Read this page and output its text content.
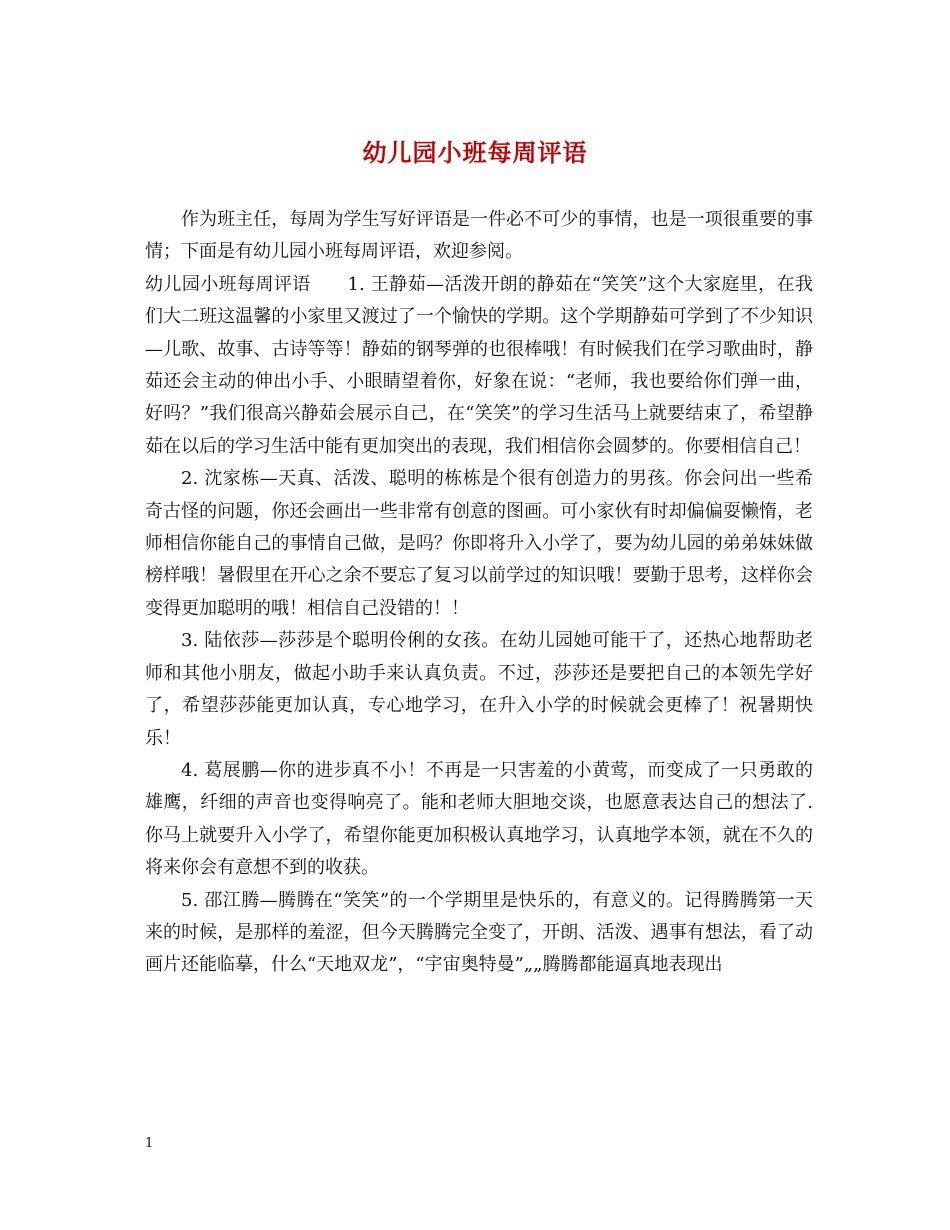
幼儿园小班每周评语

作为班主任，每周为学生写好评语是一件必不可少的事情，也是一项很重要的事情；下面是有幼儿园小班每周评语，欢迎参阅。

幼儿园小班每周评语　　1. 王静茹—活泼开朗的静茹在“笑笑”这个大家庭里，在我们大二班这温馨的小家里又渡过了一个愉快的学期。这个学期静茹可学到了不少知识—儿歌、故事、古诗等等！静茹的钢琴弹的也很棒哦！有时候我们在学习歌曲时，静茹还会主动的伸出小手、小眼睛望着你，好象在说：“老师，我也要给你们弹一曲，好吗？”我们很高兴静茹会展示自己，在“笑笑”的学习生活马上就要结束了，希望静茹在以后的学习生活中能有更加突出的表现，我们相信你会圆梦的。你要相信自己！

2. 沈家栋—天真、活泼、聪明的栋栋是个很有创造力的男孩。你会问出一些希奇古怪的问题，你还会画出一些非常有创意的图画。可小家伙有时却偏偏耍懒惰，老师相信你能自己的事情自己做，是吗？你即将升入小学了，要为幼儿园的弟弟妹妹做榜样哦！暑假里在开心之余不要忘了复习以前学过的知识哦！要勤于思考，这样你会变得更加聪明的哦！相信自己没错的！！

3. 陆依莎—莎莎是个聪明伶俐的女孩。在幼儿园她可能干了，还热心地帮助老师和其他小朋友，做起小助手来认真负责。不过，莎莎还是要把自己的本领先学好了，希望莎莎能更加认真，专心地学习，在升入小学的时候就会更棒了！祝暑期快乐！

4. 葛展鹏—你的进步真不小！不再是一只害羞的小黄莺，而变成了一只勇敢的雄鹰，纤细的声音也变得响亮了。能和老师大胆地交谈，也愿意表达自己的想法了.你马上就要升入小学了，希望你能更加积极认真地学习，认真地学本领，就在不久的将来你会有意想不到的收获。

5. 邵江腾—腾腾在“笑笑”的一个学期里是快乐的，有意义的。记得腾腾第一天来的时候，是那样的羞涩，但今天腾腾完全变了，开朗、活泼、遇事有想法，看了动画片还能临摹，什么“天地双龙”，“宇宙奥特曼”„„腾腾都能逼真地表现出

1
